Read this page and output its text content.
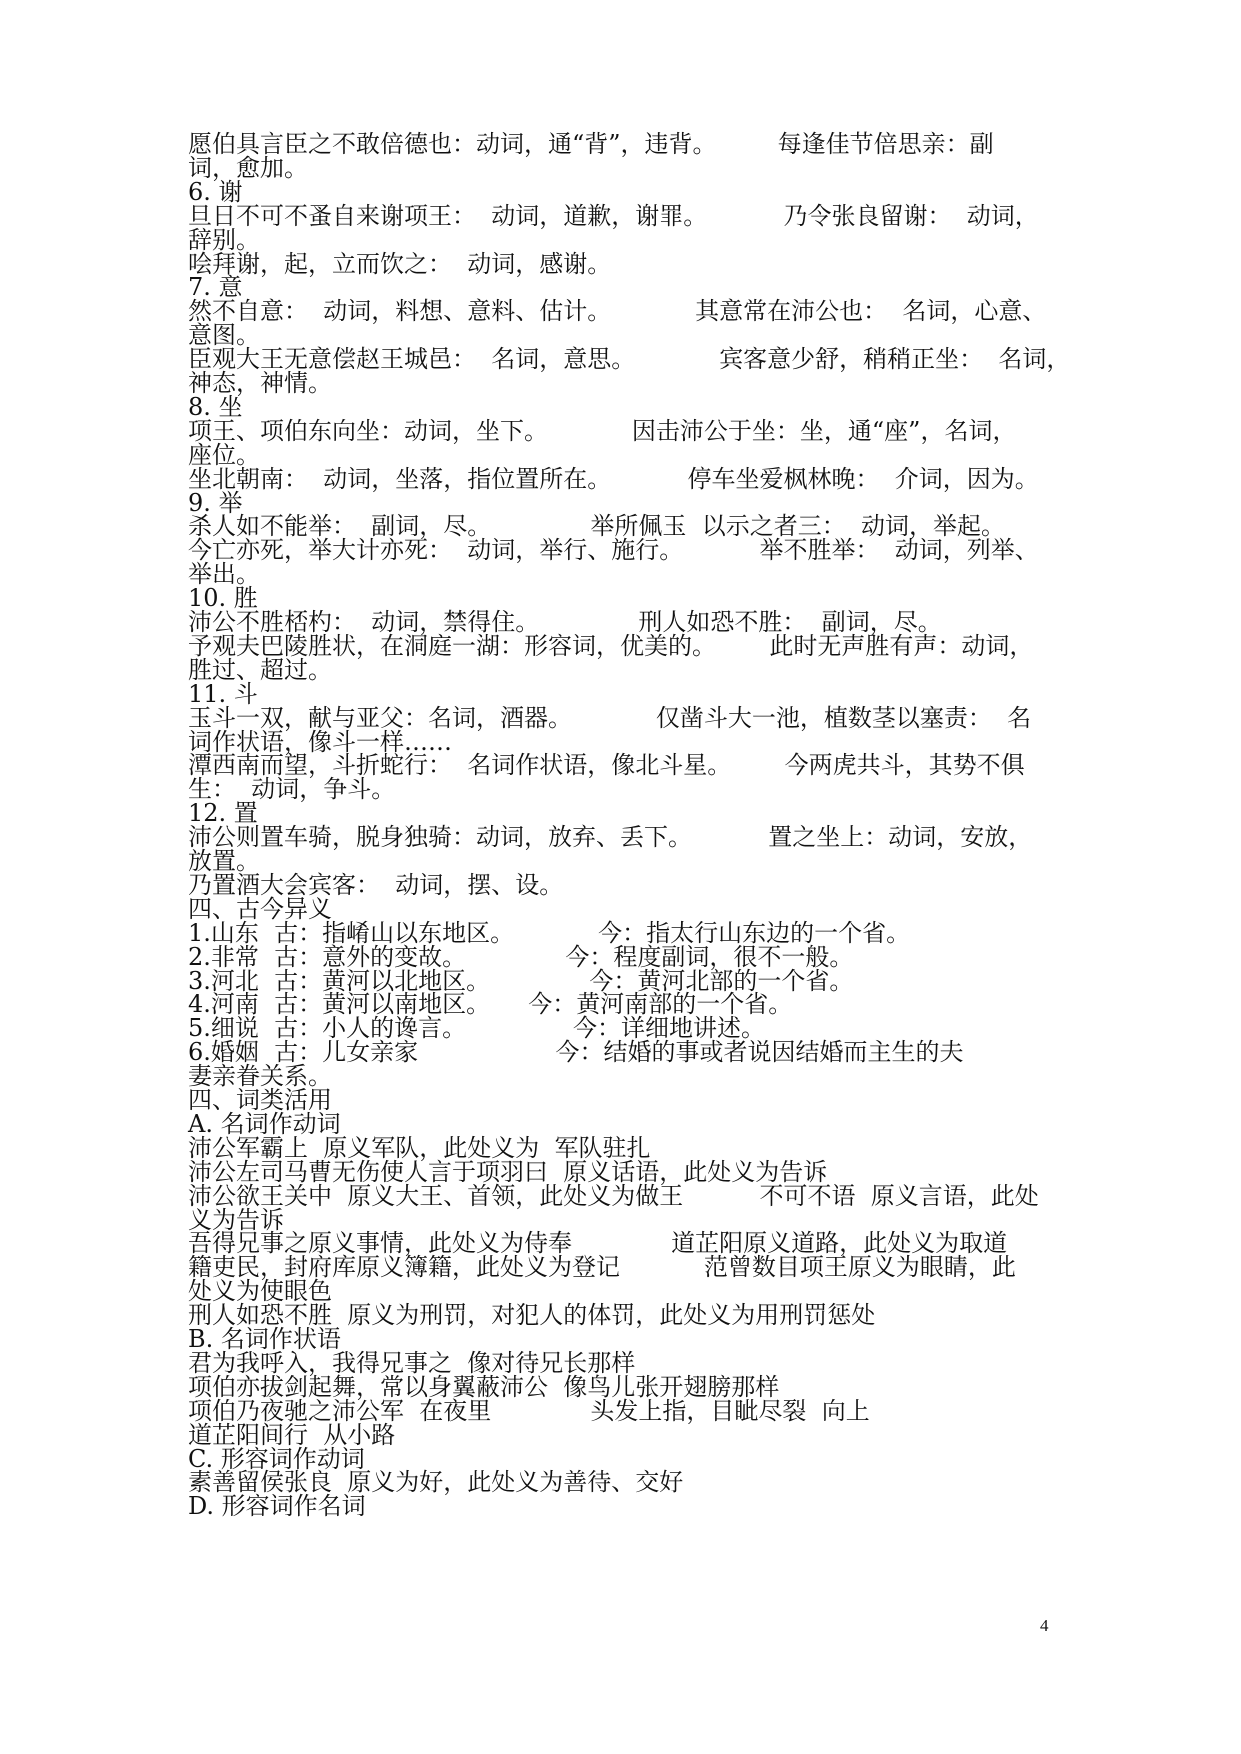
愿伯具言臣之不敢倍德也：动词，通“背”，违背。        每逢佳节倍思亲：副
词，愈加。
6. 谢
旦日不可不蚤自来谢项王：  动词，道歉，谢罪。          乃令张良留谢：  动词，
辞别。
哙拜谢，起，立而饮之：  动词，感谢。
7. 意
然不自意：  动词，料想、意料、估计。           其意常在沛公也：  名词，心意、
意图。
臣观大王无意偿赵王城邑：  名词，意思。           宾客意少舒，稍稍正坐：  名词，
神态，神情。
8. 坐
项王、项伯东向坐：动词，坐下。           因击沛公于坐：坐，通“座”，名词，
座位。
坐北朝南：  动词，坐落，指位置所在。          停车坐爱枫林晚：  介词，因为。
9. 举
杀人如不能举：  副词，尽。             举所佩玉  以示之者三：  动词，举起。
今亡亦死，举大计亦死：  动词，举行、施行。          举不胜举：  动词，列举、
举出。
10. 胜
沛公不胜桮杓：  动词，禁得住。             刑人如恐不胜：  副词，尽。
予观夫巴陵胜状，在洞庭一湖：形容词，优美的。       此时无声胜有声：动词，
胜过、超过。
11. 斗
玉斗一双，献与亚父：名词，酒器。           仅凿斗大一池，植数茎以塞责：  名
词作状语，像斗一样……
潭西南而望，斗折蛇行：  名词作状语，像北斗星。       今两虎共斗，其势不俱
生：  动词，争斗。
12. 置
沛公则置车骑，脱身独骑：动词，放弃、丢下。          置之坐上：动词，安放，
放置。
乃置酒大会宾客：  动词，摆、设。
四、古今异义
1.山东  古：指崤山以东地区。           今：指太行山东边的一个省。
2.非常  古：意外的变故。             今：程度副词，很不一般。
3.河北  古：黄河以北地区。             今：黄河北部的一个省。
4.河南  古：黄河以南地区。     今：黄河南部的一个省。
5.细说  古：小人的谗言。              今：详细地讲述。
6.婚姻  古：儿女亲家                  今：结婚的事或者说因结婚而主生的夫
妻亲眷关系。
四、词类活用
A. 名词作动词
沛公军霸上  原义军队，此处义为  军队驻扎
沛公左司马曹无伤使人言于项羽曰  原义话语，此处义为告诉
沛公欲王关中  原义大王、首领，此处义为做王          不可不语  原义言语，此处
义为告诉
吾得兄事之原义事情，此处义为侍奉             道芷阳原义道路，此处义为取道
籍吏民，封府库原义簿籍，此处义为登记           范曾数目项王原义为眼睛，此
处义为使眼色
刑人如恐不胜  原义为刑罚，对犯人的体罚，此处义为用刑罚惩处
B. 名词作状语
君为我呼入，我得兄事之  像对待兄长那样
项伯亦拔剑起舞，常以身翼蔽沛公  像鸟儿张开翅膀那样
项伯乃夜驰之沛公军  在夜里             头发上指，目眦尽裂  向上
道芷阳间行  从小路
C. 形容词作动词
素善留侯张良  原义为好，此处义为善待、交好
D. 形容词作名词
4
